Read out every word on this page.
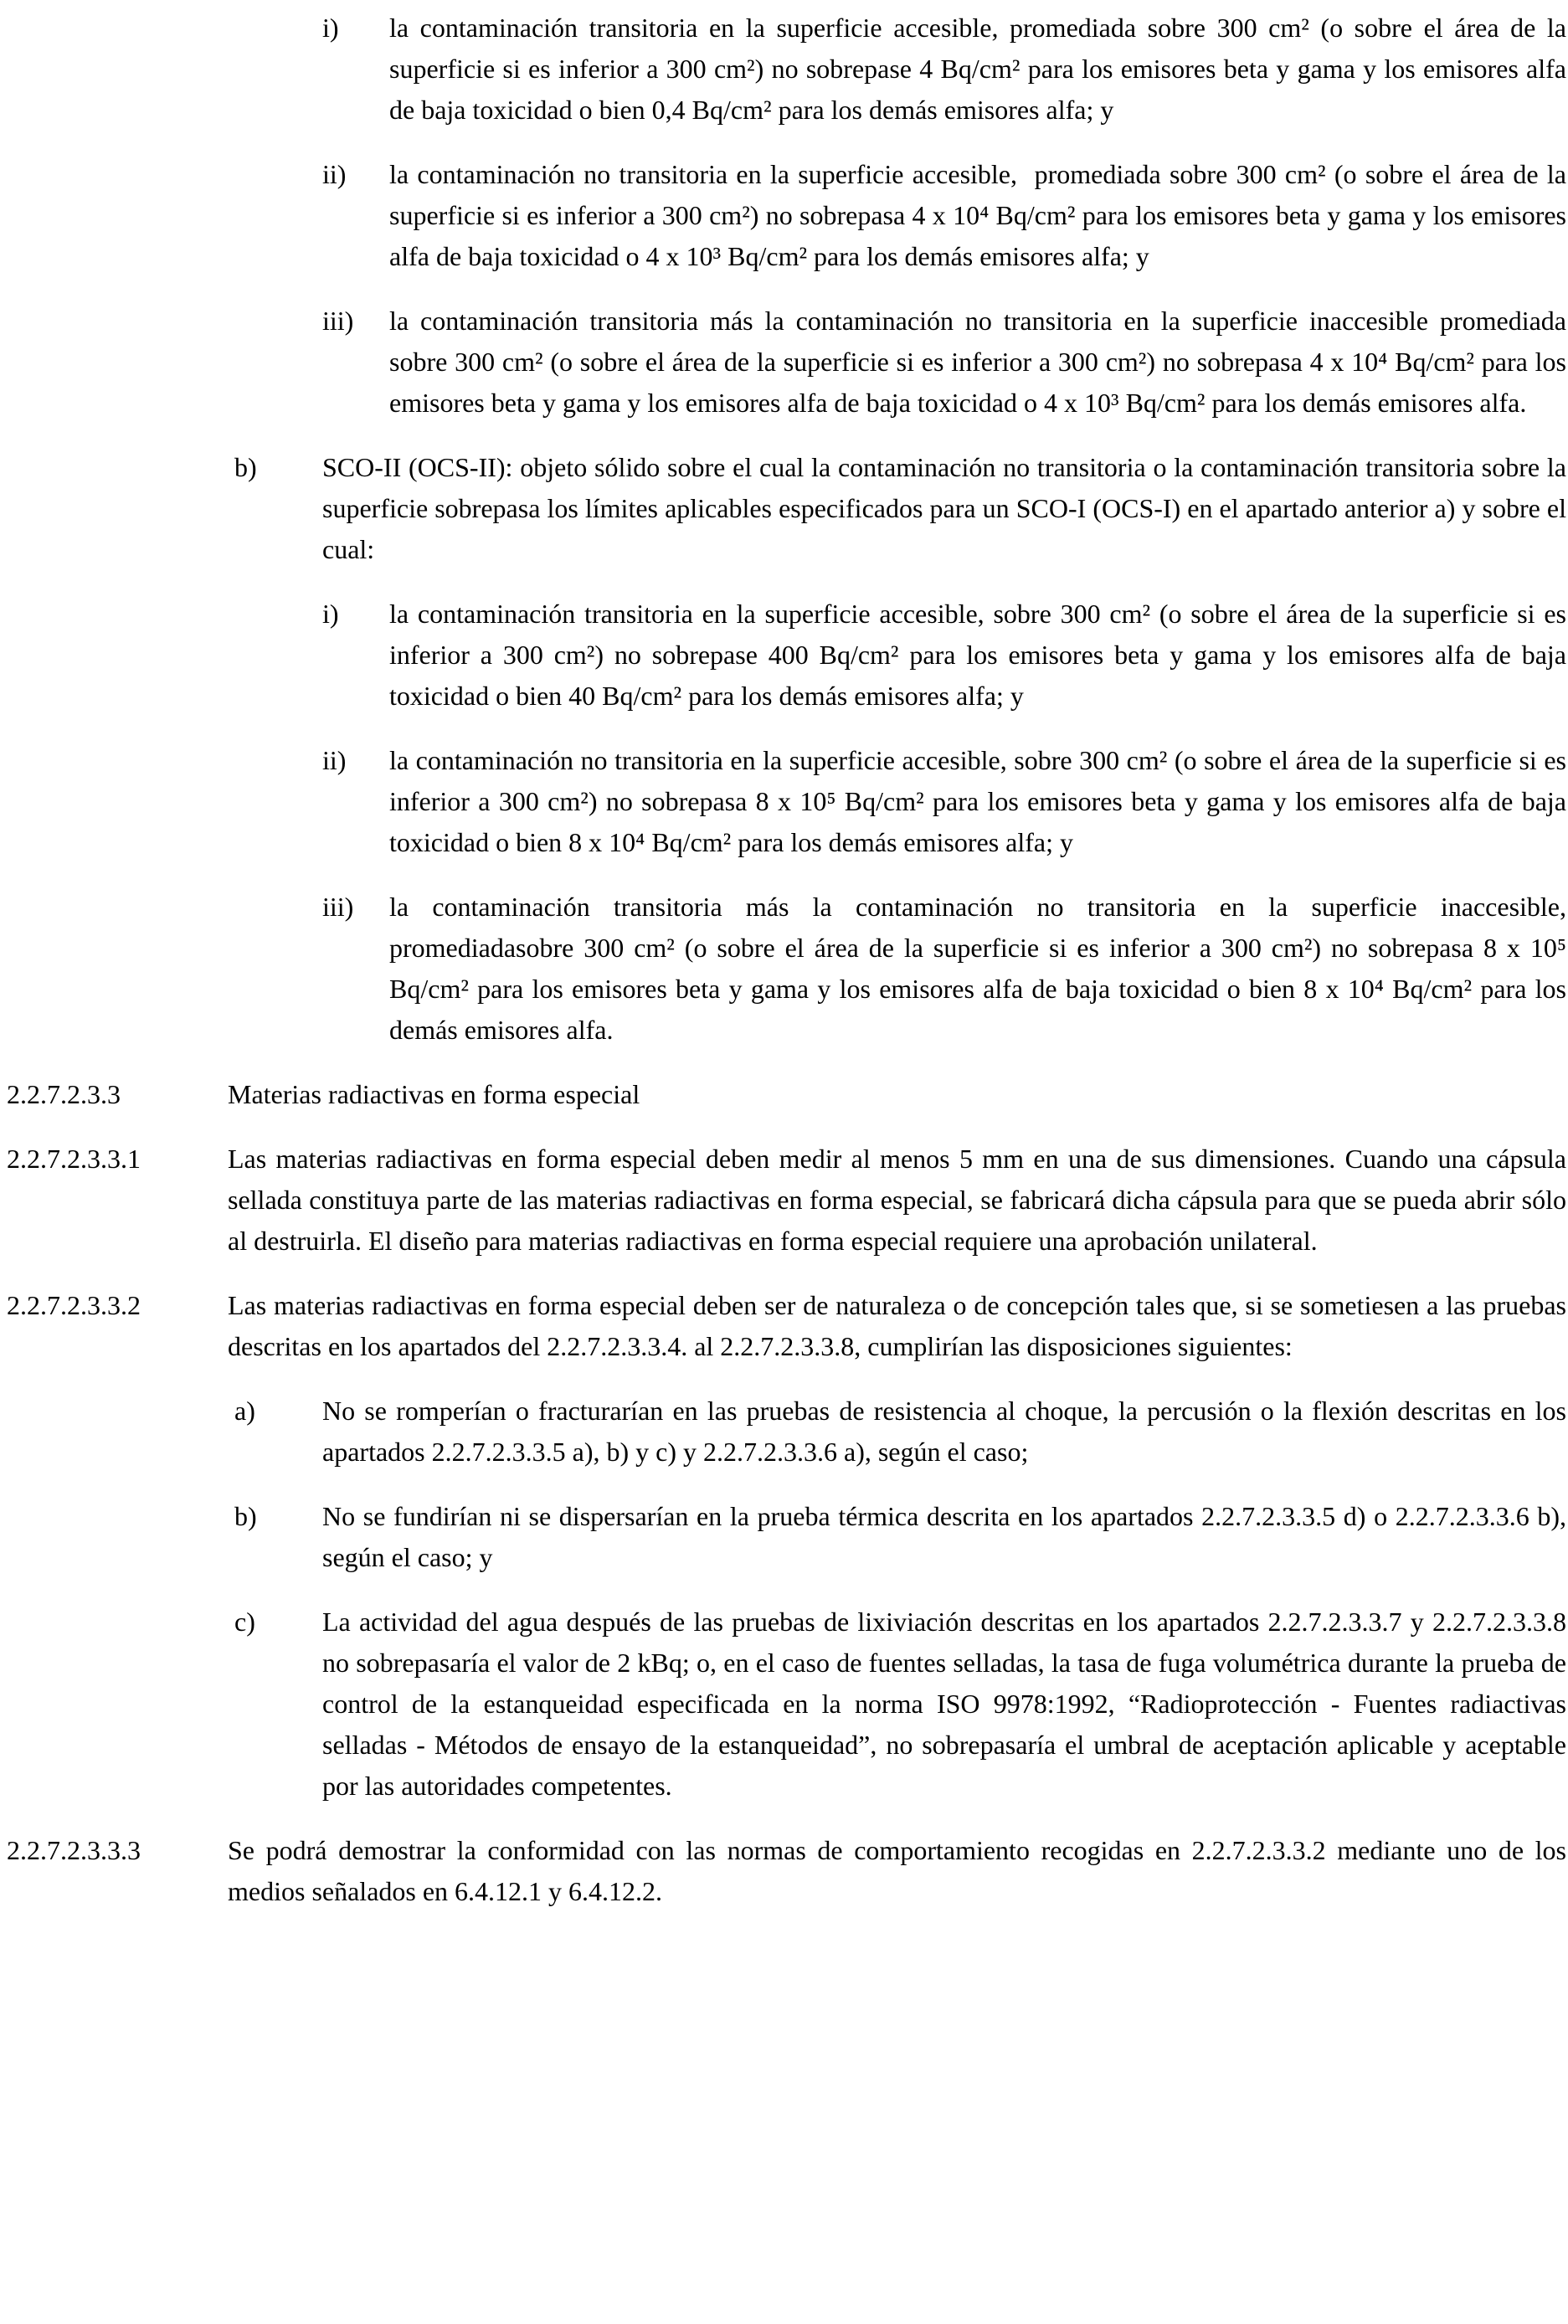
i)	la contaminación transitoria en la superficie accesible, promediada sobre 300 cm² (o sobre el área de la superficie si es inferior a 300 cm²) no sobrepase 4 Bq/cm² para los emisores beta y gama y los emisores alfa de baja toxicidad o bien 0,4 Bq/cm² para los demás emisores alfa; y
ii)	la contaminación no transitoria en la superficie accesible,  promediada sobre 300 cm² (o sobre el área de la superficie si es inferior a 300 cm²) no sobrepasa 4 x 10⁴ Bq/cm² para los emisores beta y gama y los emisores alfa de baja toxicidad o 4 x 10³ Bq/cm² para los demás emisores alfa; y
iii)	la contaminación transitoria más la contaminación no transitoria en la superficie inaccesible promediada sobre 300 cm² (o sobre el área de la superficie si es inferior a 300 cm²) no sobrepasa 4 x 10⁴ Bq/cm² para los emisores beta y gama y los emisores alfa de baja toxicidad o 4 x 10³ Bq/cm² para los demás emisores alfa.
b)	SCO-II (OCS-II): objeto sólido sobre el cual la contaminación no transitoria o la contaminación transitoria sobre la superficie sobrepasa los límites aplicables especificados para un SCO-I (OCS-I) en el apartado anterior a) y sobre el cual:
i)	la contaminación transitoria en la superficie accesible, sobre 300 cm² (o sobre el área de la superficie si es inferior a 300 cm²) no sobrepase 400 Bq/cm² para los emisores beta y gama y los emisores alfa de baja toxicidad o bien 40 Bq/cm² para los demás emisores alfa; y
ii)	la contaminación no transitoria en la superficie accesible, sobre 300 cm² (o sobre el área de la superficie si es inferior a 300 cm²) no sobrepasa 8 x 10⁵ Bq/cm² para los emisores beta y gama y los emisores alfa de baja toxicidad o bien 8 x 10⁴ Bq/cm² para los demás emisores alfa; y
iii)	la contaminación transitoria más la contaminación no transitoria en la superficie inaccesible, promediadasobre 300 cm² (o sobre el área de la superficie si es inferior a 300 cm²) no sobrepasa 8 x 10⁵ Bq/cm² para los emisores beta y gama y los emisores alfa de baja toxicidad o bien 8 x 10⁴ Bq/cm² para los demás emisores alfa.
2.2.7.2.3.3	Materias radiactivas en forma especial
2.2.7.2.3.3.1	Las materias radiactivas en forma especial deben medir al menos 5 mm en una de sus dimensiones. Cuando una cápsula sellada constituya parte de las materias radiactivas en forma especial, se fabricará dicha cápsula para que se pueda abrir sólo al destruirla. El diseño para materias radiactivas en forma especial requiere una aprobación unilateral.
2.2.7.2.3.3.2	Las materias radiactivas en forma especial deben ser de naturaleza o de concepción tales que, si se sometiesen a las pruebas descritas en los apartados del 2.2.7.2.3.3.4. al 2.2.7.2.3.3.8, cumplirían las disposiciones siguientes:
a)	No se romperían o fracturarían en las pruebas de resistencia al choque, la percusión o la flexión descritas en los apartados 2.2.7.2.3.3.5 a), b) y c) y 2.2.7.2.3.3.6 a), según el caso;
b)	No se fundirían ni se dispersarían en la prueba térmica descrita en los apartados 2.2.7.2.3.3.5 d) o 2.2.7.2.3.3.6 b), según el caso; y
c)	La actividad del agua después de las pruebas de lixiviación descritas en los apartados 2.2.7.2.3.3.7 y 2.2.7.2.3.3.8 no sobrepasaría el valor de 2 kBq; o, en el caso de fuentes selladas, la tasa de fuga volumétrica durante la prueba de control de la estanqueidad especificada en la norma ISO 9978:1992, “Radioprotección - Fuentes radiactivas selladas - Métodos de ensayo de la estanqueidad”, no sobrepasaría el umbral de aceptación aplicable y aceptable por las autoridades competentes.
2.2.7.2.3.3.3	Se podrá demostrar la conformidad con las normas de comportamiento recogidas en 2.2.7.2.3.3.2 mediante uno de los medios señalados en 6.4.12.1 y 6.4.12.2.
